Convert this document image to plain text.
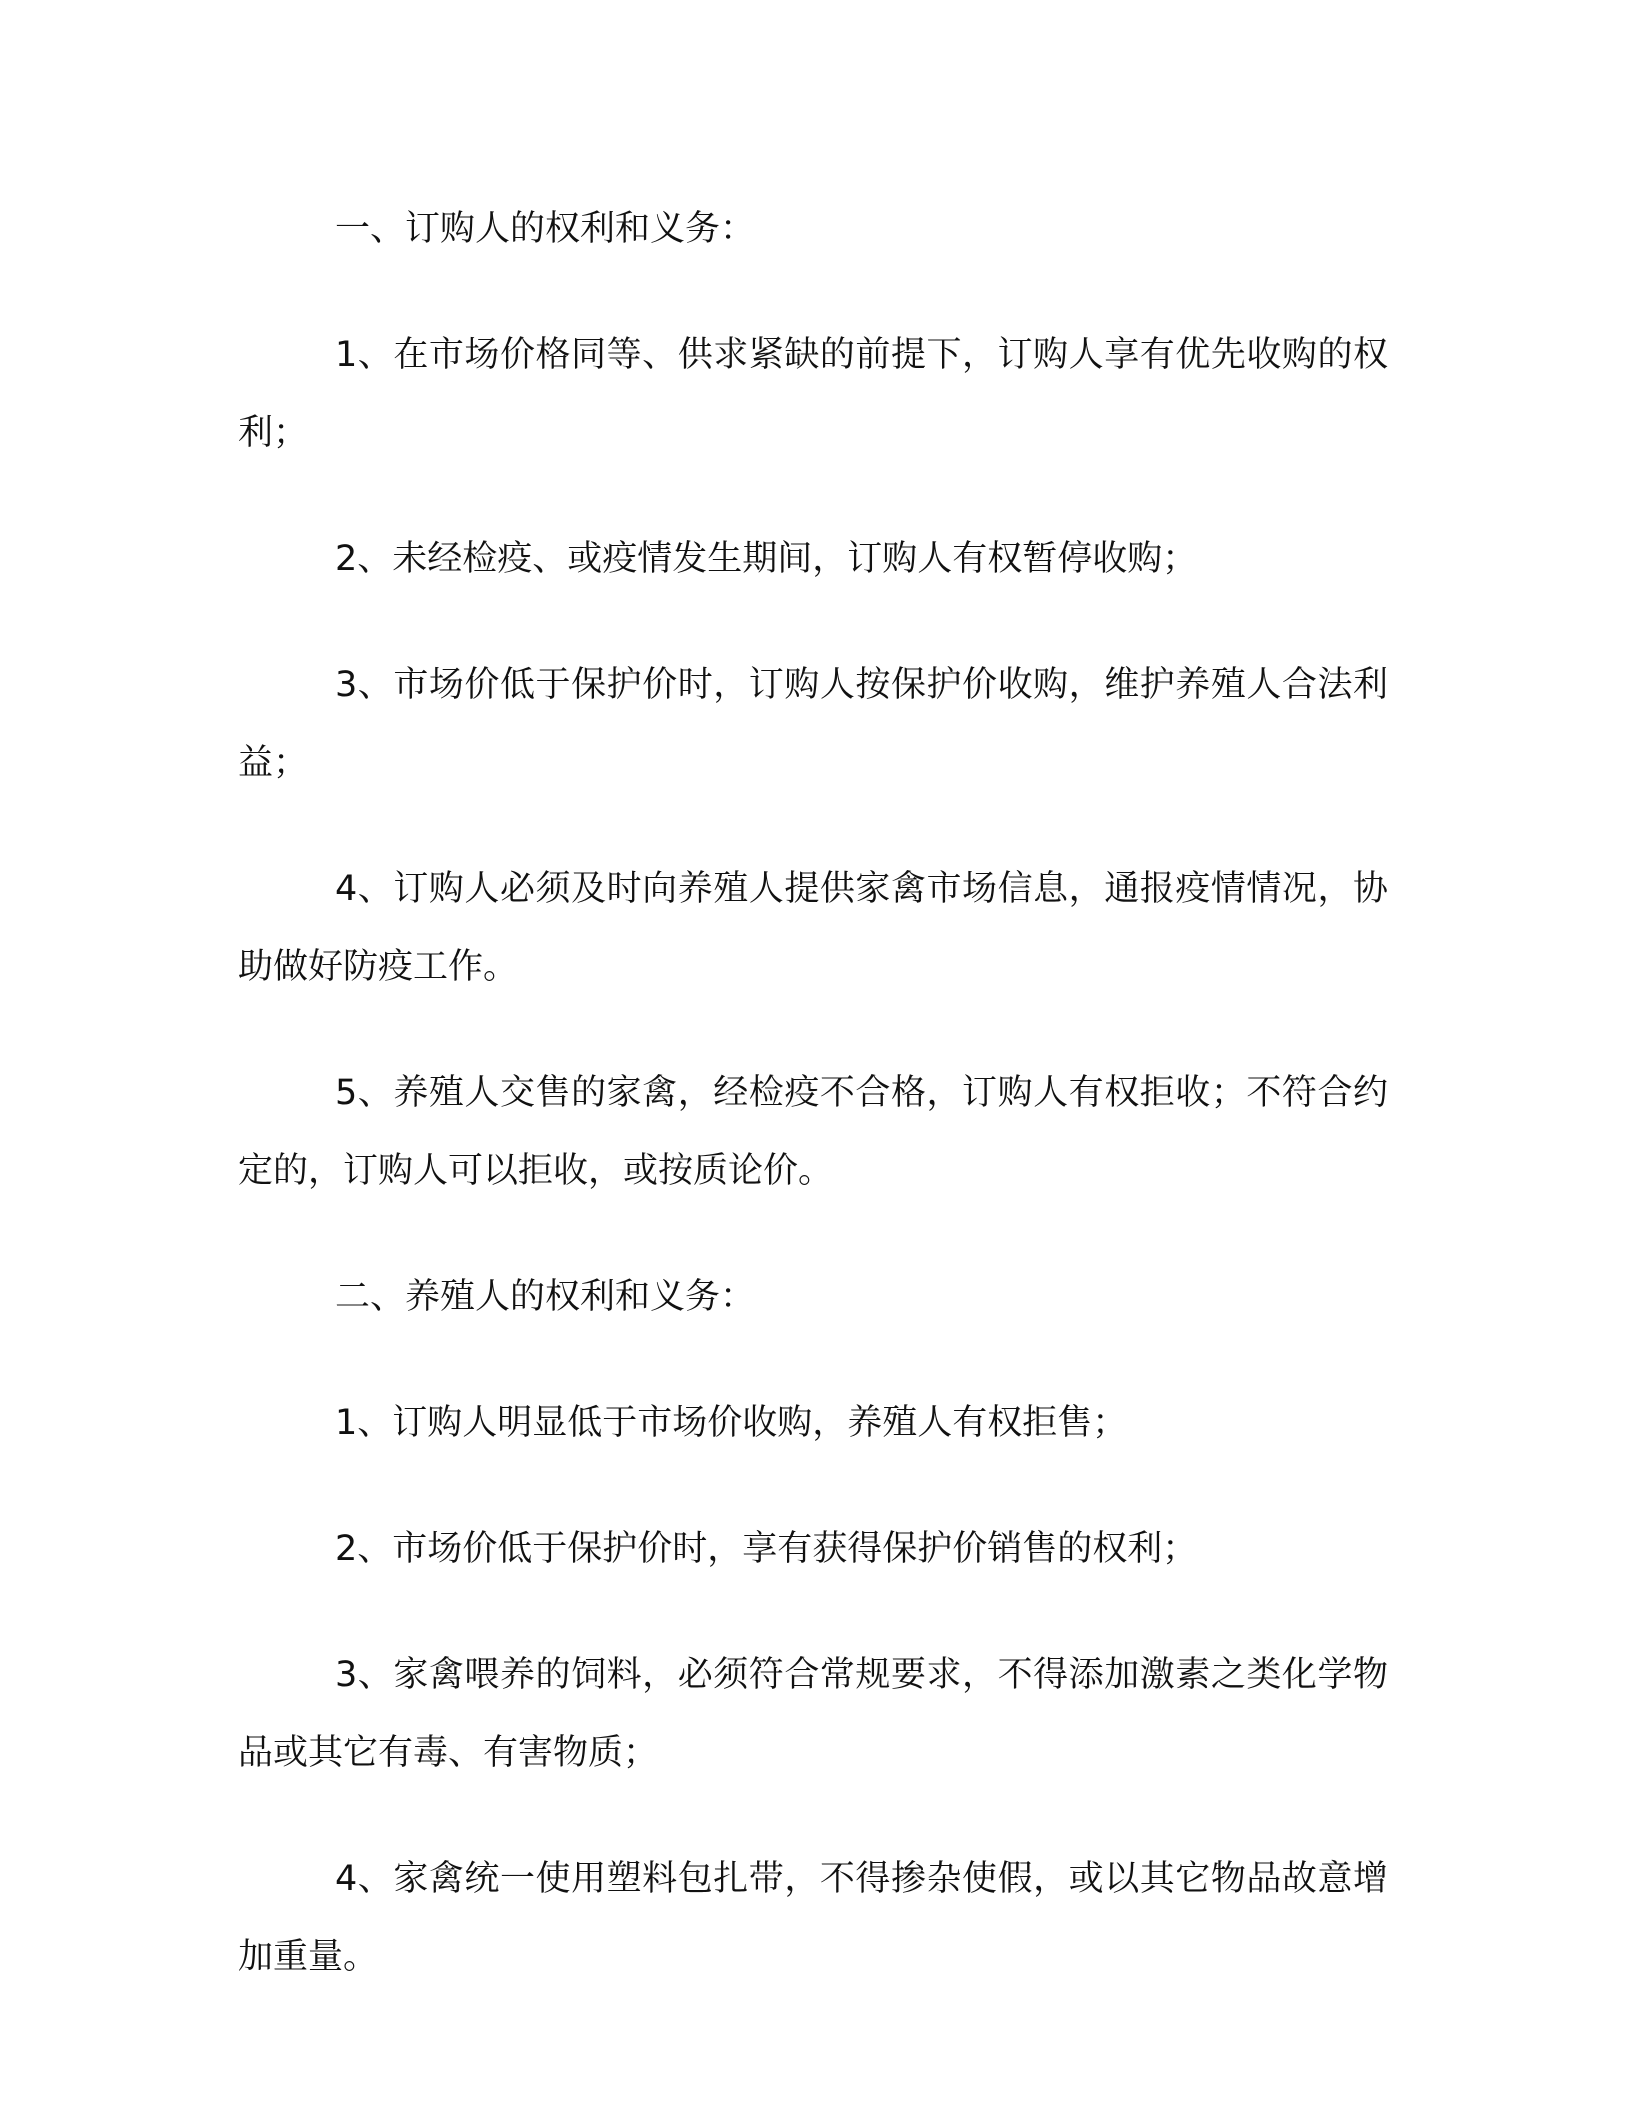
一、订购人的权利和义务：

1、在市场价格同等、供求紧缺的前提下，订购人享有优先收购的权利；

2、未经检疫、或疫情发生期间，订购人有权暂停收购；

3、市场价低于保护价时，订购人按保护价收购，维护养殖人合法利益；

4、订购人必须及时向养殖人提供家禽市场信息，通报疫情情况，协助做好防疫工作。

5、养殖人交售的家禽，经检疫不合格，订购人有权拒收；不符合约定的，订购人可以拒收，或按质论价。

二、养殖人的权利和义务：

1、订购人明显低于市场价收购，养殖人有权拒售；

2、市场价低于保护价时，享有获得保护价销售的权利；

3、家禽喂养的饲料，必须符合常规要求，不得添加激素之类化学物品或其它有毒、有害物质；

4、家禽统一使用塑料包扎带，不得掺杂使假，或以其它物品故意增加重量。
